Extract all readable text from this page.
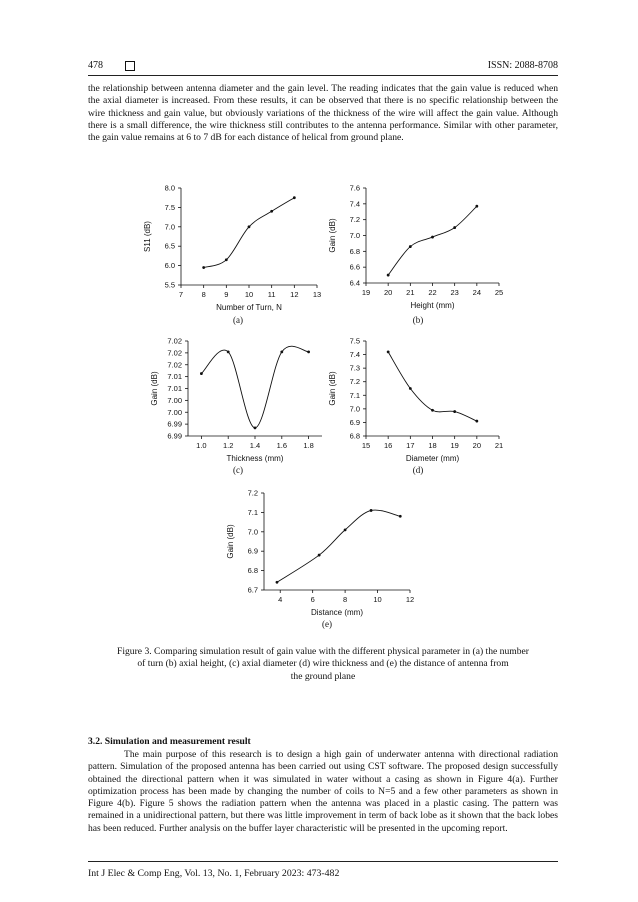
478	ISSN: 2088-8708

the relationship between antenna diameter and the gain level. The reading indicates that the gain value is reduced when the axial diameter is increased. From these results, it can be observed that there is no specific relationship between the wire thickness and gain value, but obviously variations of the thickness of the wire will affect the gain value. Although there is a small difference, the wire thickness still contributes to the antenna performance. Similar with other parameter, the gain value remains at 6 to 7 dB for each distance of helical from ground plane.

7 8 9 10 11 12 13
5.5
6.0
6.5
7.0
7.5
8.0
Number of Turn, N
S11 (dB)
(a)
19 20 21 22 23 24 25
6.4
6.6
6.8
7.0
7.2
7.4
7.6
Height (mm)
Gain (dB)
(b)
1.0 1.2 1.4 1.6 1.8
6.99
6.99
7.00
7.00
7.01
7.01
7.02
7.02
7.02
Thickness (mm)
Gain (dB)
(c)
15 16 17 18 19 20 21
6.8
6.9
7.0
7.1
7.2
7.3
7.4
7.5
Diameter (mm)
Gain (dB)
(d)
4	6	8	10	12
6.7
6.8
6.9
7.0
7.1
7.2
Distance (mm)
Gain (dB)
(e)

Figure 3. Comparing simulation result of gain value with the different physical parameter in (a) the number
of turn (b) axial height, (c) axial diameter (d) wire thickness and (e) the distance of antenna from
the ground plane

3.2. Simulation and measurement result

The main purpose of this research is to design a high gain of underwater antenna with directional radiation pattern. Simulation of the proposed antenna has been carried out using CST software. The proposed design successfully obtained the directional pattern when it was simulated in water without a casing as shown in Figure 4(a). Further optimization process has been made by changing the number of coils to N=5 and a few other parameters as shown in Figure 4(b). Figure 5 shows the radiation pattern when the antenna was placed in a plastic casing. The pattern was remained in a unidirectional pattern, but there was little improvement in term of back lobe as it shown that the back lobes has been reduced. Further analysis on the buffer layer characteristic will be presented in the upcoming report.

Int J Elec & Comp Eng, Vol. 13, No. 1, February 2023: 473-482
